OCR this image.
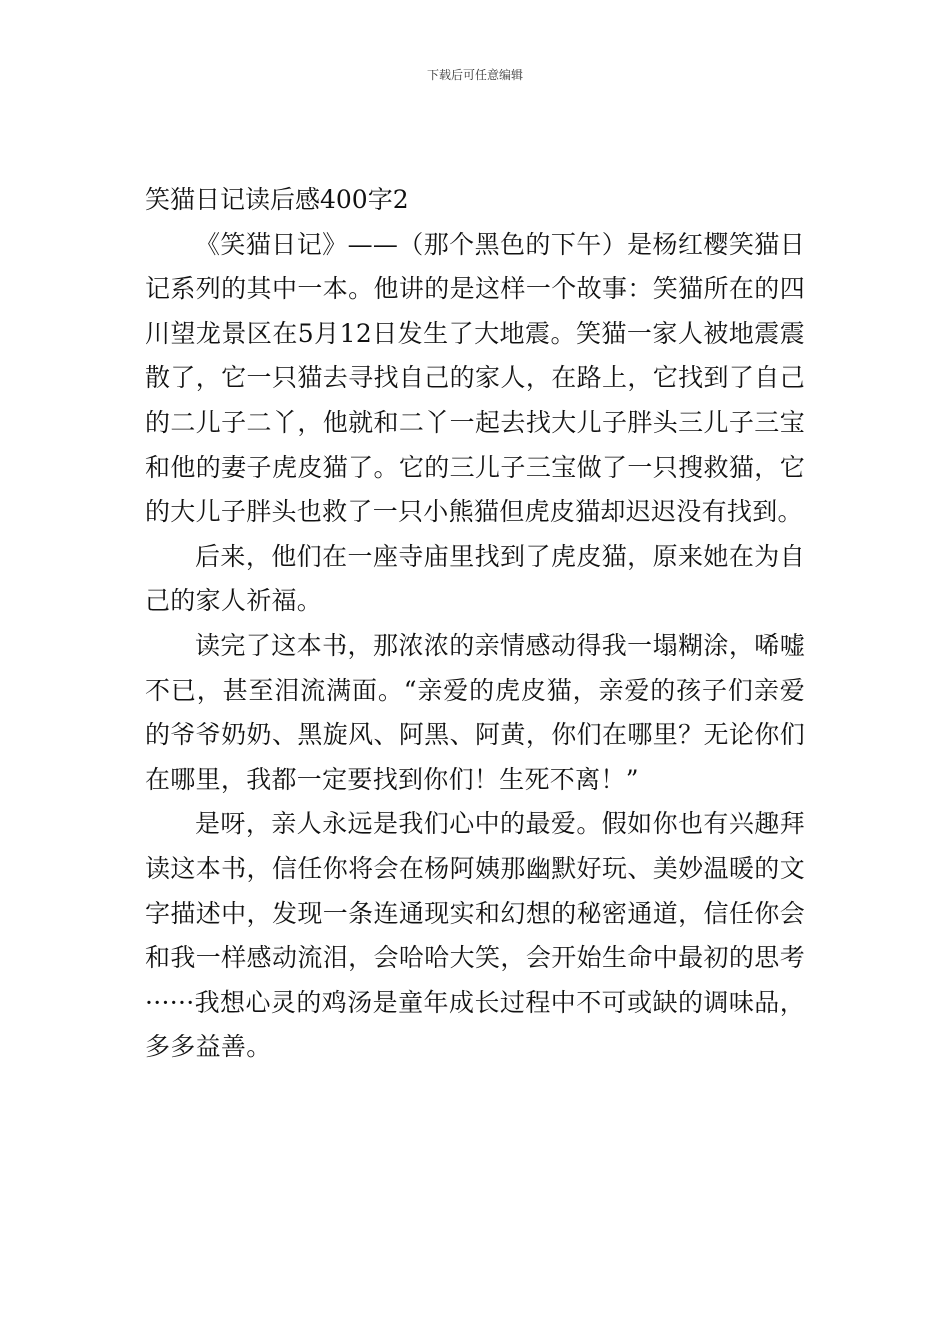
下载后可任意编辑
笑猫日记读后感400字2

《笑猫日记》——（那个黑色的下午）是杨红樱笑猫日记系列的其中一本。他讲的是这样一个故事：笑猫所在的四川望龙景区在5月12日发生了大地震。笑猫一家人被地震震散了，它一只猫去寻找自己的家人，在路上，它找到了自己的二儿子二丫，他就和二丫一起去找大儿子胖头三儿子三宝和他的妻子虎皮猫了。它的三儿子三宝做了一只搜救猫，它的大儿子胖头也救了一只小熊猫但虎皮猫却迟迟没有找到。

后来，他们在一座寺庙里找到了虎皮猫，原来她在为自己的家人祈福。

读完了这本书，那浓浓的亲情感动得我一塌糊涂，唏嘘不已，甚至泪流满面。“亲爱的虎皮猫，亲爱的孩子们亲爱的爷爷奶奶、黑旋风、阿黑、阿黄，你们在哪里？无论你们在哪里，我都一定要找到你们！生死不离！”

是呀，亲人永远是我们心中的最爱。假如你也有兴趣拜读这本书，信任你将会在杨阿姨那幽默好玩、美妙温暖的文字描述中，发现一条连通现实和幻想的秘密通道，信任你会和我一样感动流泪，会哈哈大笑，会开始生命中最初的思考······我想心灵的鸡汤是童年成长过程中不可或缺的调味品，多多益善。
